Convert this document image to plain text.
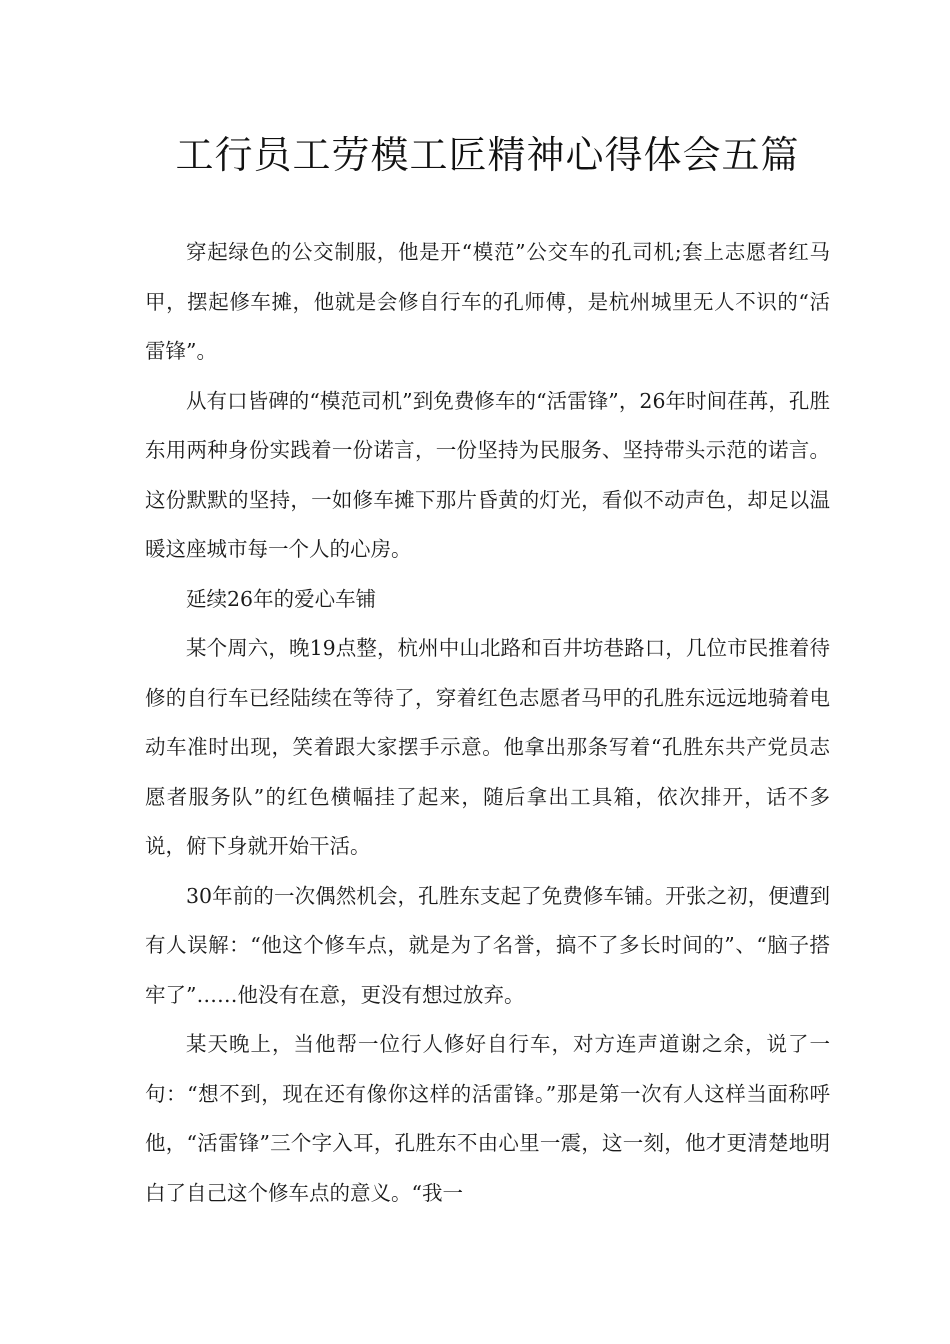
工行员工劳模工匠精神心得体会五篇

穿起绿色的公交制服，他是开“模范”公交车的孔司机;套上志愿者红马甲，摆起修车摊，他就是会修自行车的孔师傅，是杭州城里无人不识的“活雷锋”。

从有口皆碑的“模范司机”到免费修车的“活雷锋”，26年时间荏苒，孔胜东用两种身份实践着一份诺言，一份坚持为民服务、坚持带头示范的诺言。这份默默的坚持，一如修车摊下那片昏黄的灯光，看似不动声色，却足以温暖这座城市每一个人的心房。

延续26年的爱心车铺

某个周六，晚19点整，杭州中山北路和百井坊巷路口，几位市民推着待修的自行车已经陆续在等待了，穿着红色志愿者马甲的孔胜东远远地骑着电动车准时出现，笑着跟大家摆手示意。他拿出那条写着“孔胜东共产党员志愿者服务队”的红色横幅挂了起来，随后拿出工具箱，依次排开，话不多说，俯下身就开始干活。

30年前的一次偶然机会，孔胜东支起了免费修车铺。开张之初，便遭到有人误解：“他这个修车点，就是为了名誉，搞不了多长时间的”、“脑子搭牢了”……他没有在意，更没有想过放弃。

某天晚上，当他帮一位行人修好自行车，对方连声道谢之余，说了一句：“想不到，现在还有像你这样的活雷锋。”那是第一次有人这样当面称呼他，“活雷锋”三个字入耳，孔胜东不由心里一震，这一刻，他才更清楚地明白了自己这个修车点的意义。“我一
